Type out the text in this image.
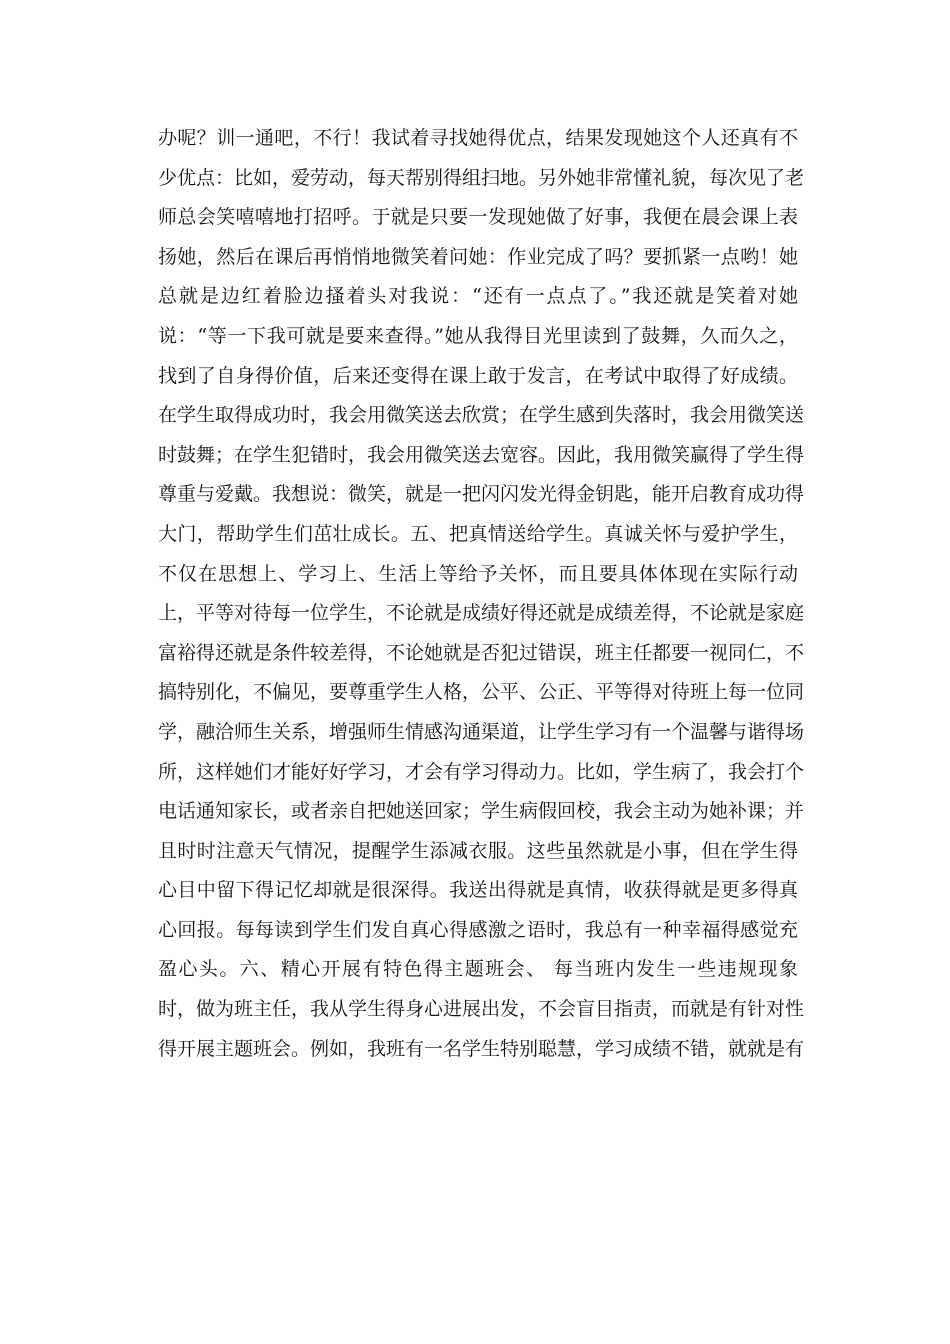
办呢？训一通吧，不行！我试着寻找她得优点，结果发现她这个人还真有不
少优点：比如，爱劳动，每天帮别得组扫地。另外她非常懂礼貌，每次见了老
师总会笑嘻嘻地打招呼。于就是只要一发现她做了好事，我便在晨会课上表
扬她，然后在课后再悄悄地微笑着问她：作业完成了吗？要抓紧一点哟！她
总就是边红着脸边搔着头对我说：“还有一点点了。”我还就是笑着对她
说：“等一下我可就是要来查得。”她从我得目光里读到了鼓舞，久而久之，
找到了自身得价值，后来还变得在课上敢于发言，在考试中取得了好成绩。
在学生取得成功时，我会用微笑送去欣赏；在学生感到失落时，我会用微笑送
时鼓舞；在学生犯错时，我会用微笑送去宽容。因此，我用微笑赢得了学生得
尊重与爱戴。我想说：微笑，就是一把闪闪发光得金钥匙，能开启教育成功得
大门，帮助学生们茁壮成长。五、把真情送给学生。真诚关怀与爱护学生，
不仅在思想上、学习上、生活上等给予关怀，而且要具体体现在实际行动
上，平等对待每一位学生，不论就是成绩好得还就是成绩差得，不论就是家庭
富裕得还就是条件较差得，不论她就是否犯过错误，班主任都要一视同仁，不
搞特别化，不偏见，要尊重学生人格，公平、公正、平等得对待班上每一位同
学，融洽师生关系，增强师生情感沟通渠道，让学生学习有一个温馨与谐得场
所，这样她们才能好好学习，才会有学习得动力。比如，学生病了，我会打个
电话通知家长，或者亲自把她送回家；学生病假回校，我会主动为她补课；并
且时时注意天气情况，提醒学生添减衣服。这些虽然就是小事，但在学生得
心目中留下得记忆却就是很深得。我送出得就是真情，收获得就是更多得真
心回报。每每读到学生们发自真心得感激之语时，我总有一种幸福得感觉充
盈心头。六、精心开展有特色得主题班会、 每当班内发生一些违规现象
时，做为班主任，我从学生得身心进展出发，不会盲目指责，而就是有针对性
得开展主题班会。例如，我班有一名学生特别聪慧，学习成绩不错，就就是有
